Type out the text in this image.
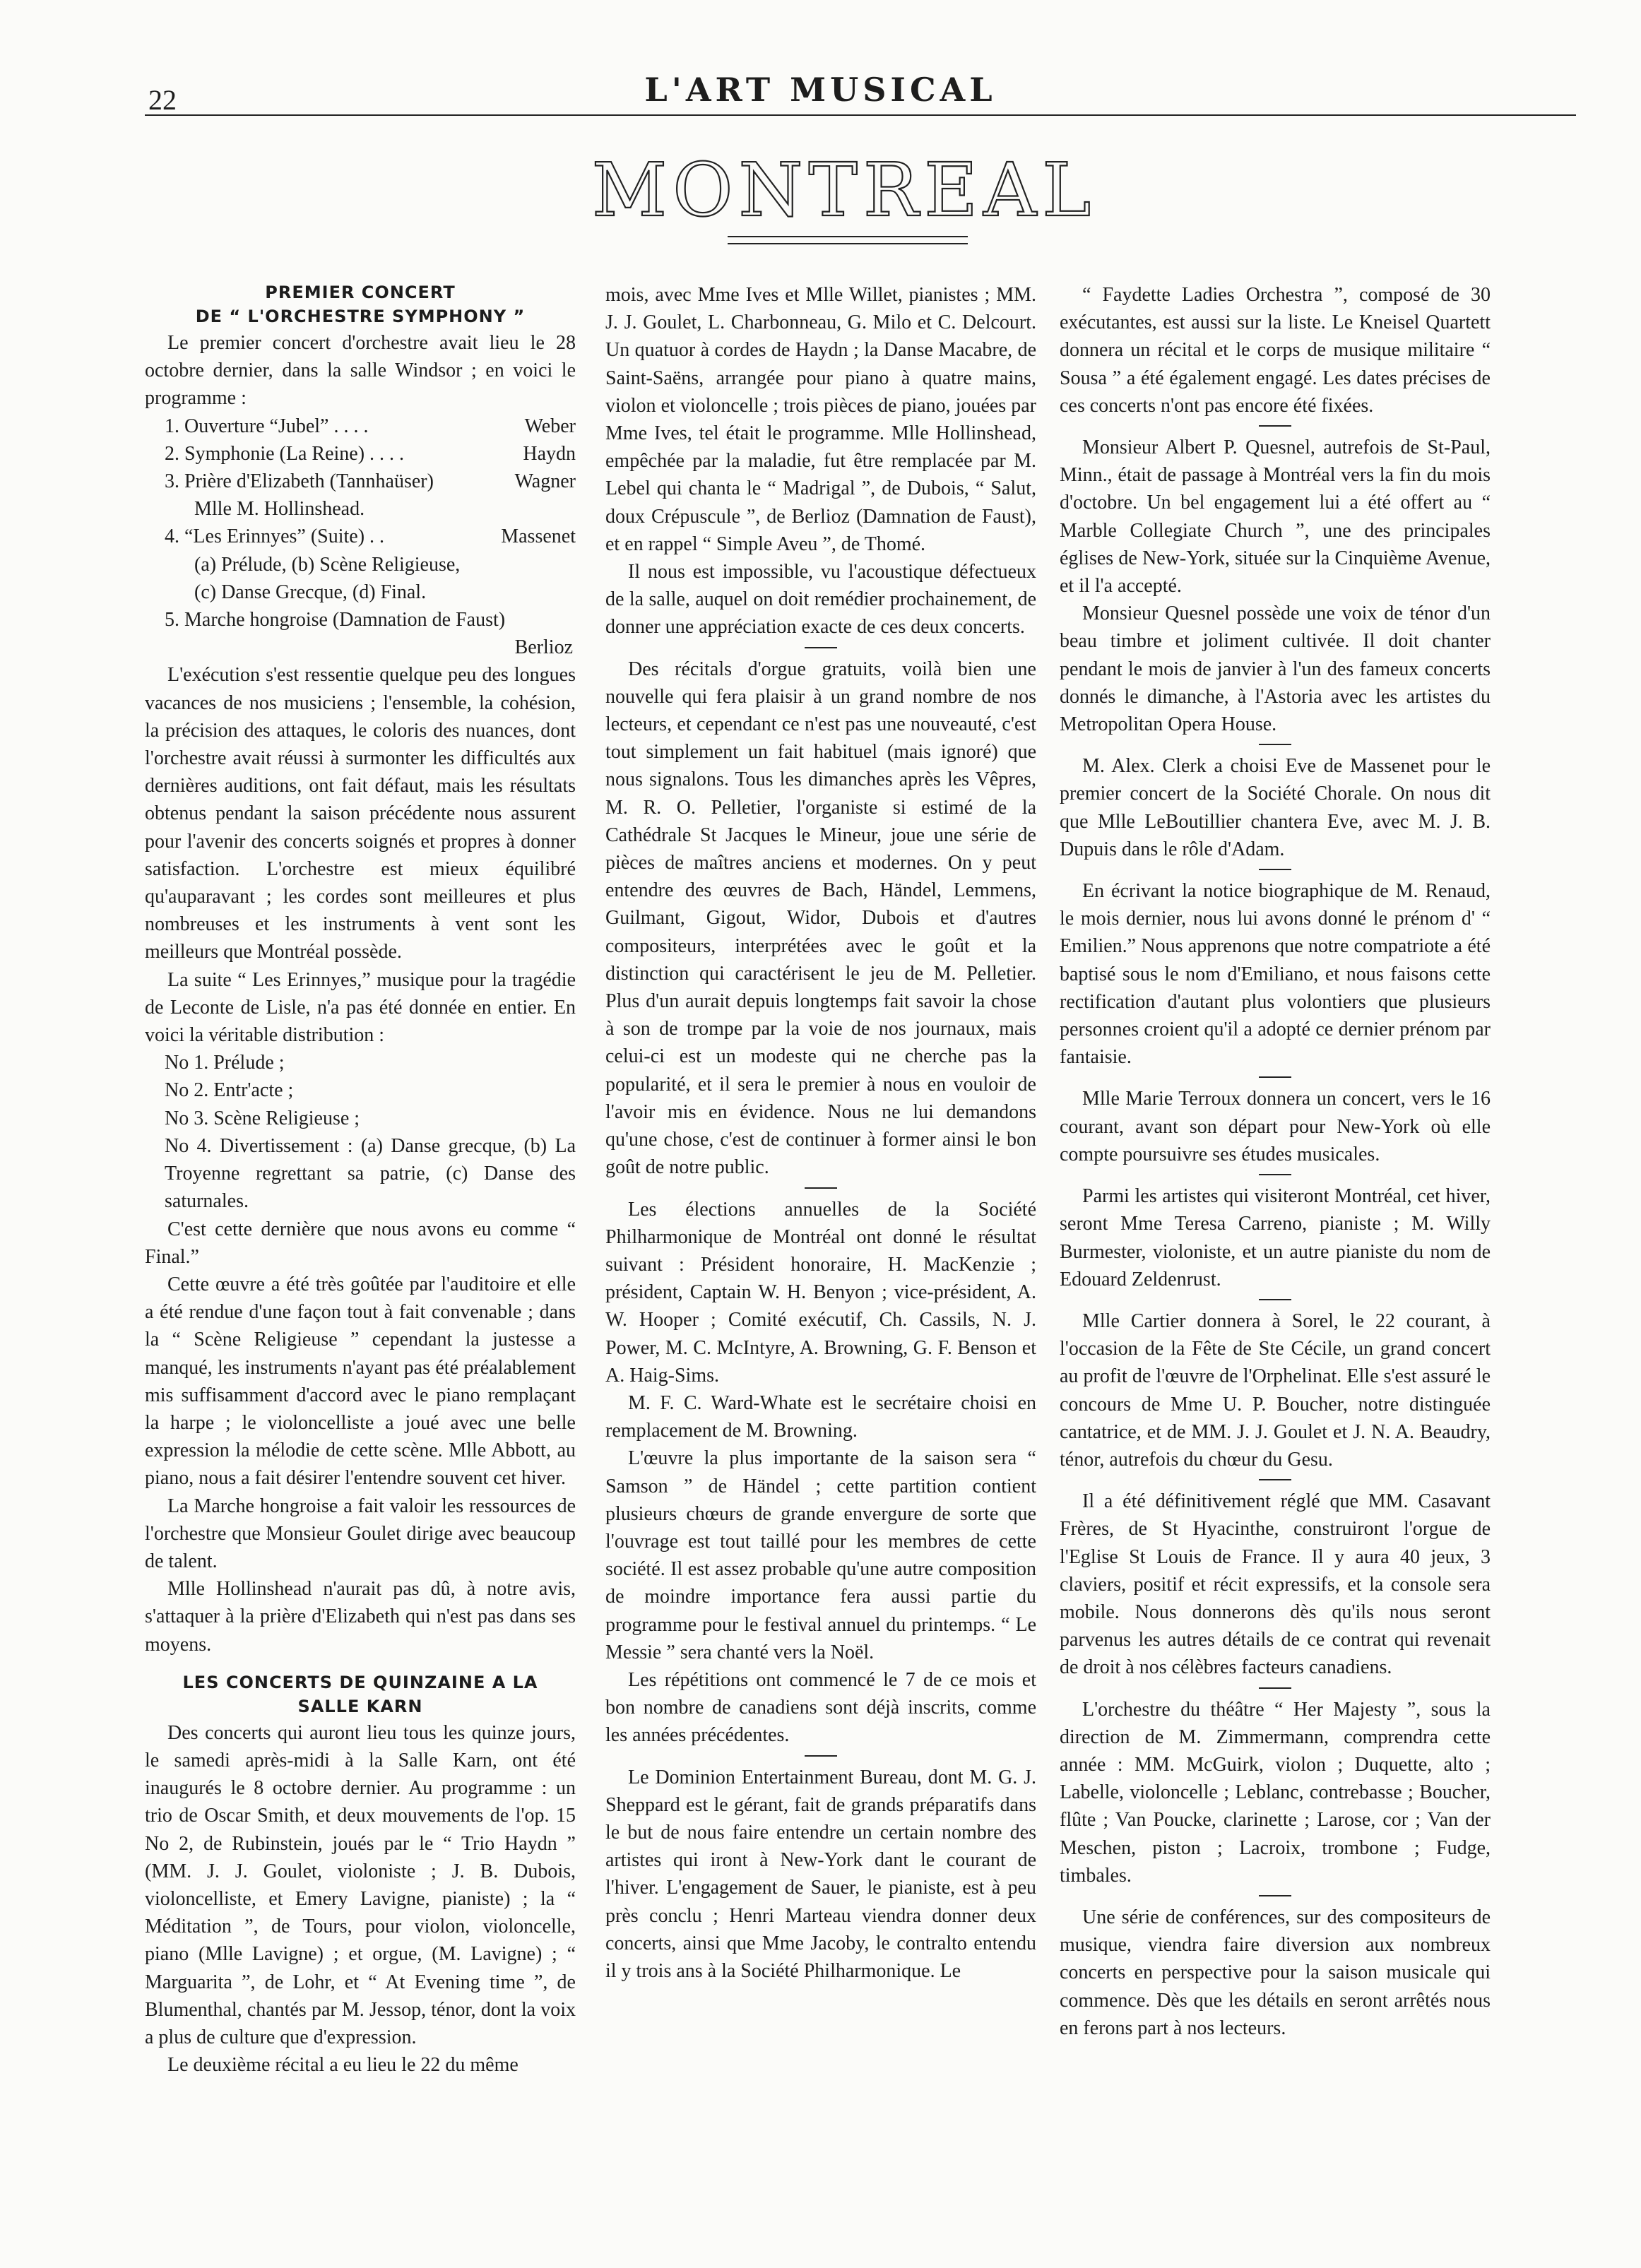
22	L'ART MUSICAL
MONTREAL
PREMIER CONCERT
DE “ L'ORCHESTRE SYMPHONY ”

Le premier concert d'orchestre avait lieu le 28 octobre dernier, dans la salle Windsor ; en voici le programme :

Weber
1. Ouverture “Jubel” . . . .
Haydn
2. Symphonie (La Reine) . . . .
Wagner
3. Prière d'Elizabeth (Tannhaüser)
Mlle M. Hollinshead.
Massenet
4. “Les Erinnyes” (Suite) . .
(a) Prélude, (b) Scène Religieuse,
(c) Danse Grecque, (d) Final.
5. Marche hongroise (Damnation de Faust)

Berlioz

L'exécution s'est ressentie quelque peu des longues vacances de nos musiciens ; l'ensemble, la cohésion, la précision des attaques, le coloris des nuances, dont l'orchestre avait réussi à surmonter les difficultés aux dernières auditions, ont fait défaut, mais les résultats obtenus pendant la saison précédente nous assurent pour l'avenir des concerts soignés et propres à donner satisfaction. L'orchestre est mieux équilibré qu'auparavant ; les cordes sont meilleures et plus nombreuses et les instruments à vent sont les meilleurs que Montréal possède.

La suite “ Les Erinnyes,” musique pour la tragédie de Leconte de Lisle, n'a pas été donnée en entier. En voici la véritable distribution :

No 1. Prélude ;

No 2. Entr'acte ;

No 3. Scène Religieuse ;

No 4. Divertissement : (a) Danse grecque, (b) La Troyenne regrettant sa patrie, (c) Danse des saturnales.

C'est cette dernière que nous avons eu comme “ Final.”

Cette œuvre a été très goûtée par l'auditoire et elle a été rendue d'une façon tout à fait convenable ; dans la “ Scène Religieuse ” cependant la justesse a manqué, les instruments n'ayant pas été préalablement mis suffisamment d'accord avec le piano remplaçant la harpe ; le violoncelliste a joué avec une belle expression la mélodie de cette scène. Mlle Abbott, au piano, nous a fait désirer l'entendre souvent cet hiver.

La Marche hongroise a fait valoir les ressources de l'orchestre que Monsieur Goulet dirige avec beaucoup de talent.

Mlle Hollinshead n'aurait pas dû, à notre avis, s'attaquer à la prière d'Elizabeth qui n'est pas dans ses moyens.

LES CONCERTS DE QUINZAINE A LA
SALLE KARN

Des concerts qui auront lieu tous les quinze jours, le samedi après-midi à la Salle Karn, ont été inaugurés le 8 octobre dernier. Au programme : un trio de Oscar Smith, et deux mouvements de l'op. 15 No 2, de Rubinstein, joués par le “ Trio Haydn ” (MM. J. J. Goulet, violoniste ; J. B. Dubois, violoncelliste, et Emery Lavigne, pianiste) ; la “ Méditation ”, de Tours, pour violon, violoncelle, piano (Mlle Lavigne) ; et orgue, (M. Lavigne) ; “ Marguarita ”, de Lohr, et “ At Evening time ”, de Blumenthal, chantés par M. Jessop, ténor, dont la voix a plus de culture que d'expression.

Le deuxième récital a eu lieu le 22 du même

mois, avec Mme Ives et Mlle Willet, pianistes ; MM. J. J. Goulet, L. Charbonneau, G. Milo et C. Delcourt. Un quatuor à cordes de Haydn ; la Danse Macabre, de Saint-Saëns, arrangée pour piano à quatre mains, violon et violoncelle ; trois pièces de piano, jouées par Mme Ives, tel était le programme. Mlle Hollinshead, empêchée par la maladie, fut être remplacée par M. Lebel qui chanta le “ Madrigal ”, de Dubois, “ Salut, doux Crépuscule ”, de Berlioz (Damnation de Faust), et en rappel “ Simple Aveu ”, de Thomé.

Il nous est impossible, vu l'acoustique défectueux de la salle, auquel on doit remédier prochainement, de donner une appréciation exacte de ces deux concerts.

Des récitals d'orgue gratuits, voilà bien une nouvelle qui fera plaisir à un grand nombre de nos lecteurs, et cependant ce n'est pas une nouveauté, c'est tout simplement un fait habituel (mais ignoré) que nous signalons. Tous les dimanches après les Vêpres, M. R. O. Pelletier, l'organiste si estimé de la Cathédrale St Jacques le Mineur, joue une série de pièces de maîtres anciens et modernes. On y peut entendre des œuvres de Bach, Händel, Lemmens, Guilmant, Gigout, Widor, Dubois et d'autres compositeurs, interprétées avec le goût et la distinction qui caractérisent le jeu de M. Pelletier. Plus d'un aurait depuis longtemps fait savoir la chose à son de trompe par la voie de nos journaux, mais celui-ci est un modeste qui ne cherche pas la popularité, et il sera le premier à nous en vouloir de l'avoir mis en évidence. Nous ne lui demandons qu'une chose, c'est de continuer à former ainsi le bon goût de notre public.

Les élections annuelles de la Société Philharmonique de Montréal ont donné le résultat suivant : Président honoraire, H. MacKenzie ; président, Captain W. H. Benyon ; vice-président, A. W. Hooper ; Comité exécutif, Ch. Cassils, N. J. Power, M. C. McIntyre, A. Browning, G. F. Benson et A. Haig-Sims.

M. F. C. Ward-Whate est le secrétaire choisi en remplacement de M. Browning.

L'œuvre la plus importante de la saison sera “ Samson ” de Händel ; cette partition contient plusieurs chœurs de grande envergure de sorte que l'ouvrage est tout taillé pour les membres de cette société. Il est assez probable qu'une autre composition de moindre importance fera aussi partie du programme pour le festival annuel du printemps. “ Le Messie ” sera chanté vers la Noël.

Les répétitions ont commencé le 7 de ce mois et bon nombre de canadiens sont déjà inscrits, comme les années précédentes.

Le Dominion Entertainment Bureau, dont M. G. J. Sheppard est le gérant, fait de grands préparatifs dans le but de nous faire entendre un certain nombre des artistes qui iront à New-York dant le courant de l'hiver. L'engagement de Sauer, le pianiste, est à peu près conclu ; Henri Marteau viendra donner deux concerts, ainsi que Mme Jacoby, le contralto entendu il y trois ans à la Société Philharmonique. Le

“ Faydette Ladies Orchestra ”, composé de 30 exécutantes, est aussi sur la liste. Le Kneisel Quartett donnera un récital et le corps de musique militaire “ Sousa ” a été également engagé. Les dates précises de ces concerts n'ont pas encore été fixées.

Monsieur Albert P. Quesnel, autrefois de St-Paul, Minn., était de passage à Montréal vers la fin du mois d'octobre. Un bel engagement lui a été offert au “ Marble Collegiate Church ”, une des principales églises de New-York, située sur la Cinquième Avenue, et il l'a accepté.

Monsieur Quesnel possède une voix de ténor d'un beau timbre et joliment cultivée. Il doit chanter pendant le mois de janvier à l'un des fameux concerts donnés le dimanche, à l'Astoria avec les artistes du Metropolitan Opera House.

M. Alex. Clerk a choisi Eve de Massenet pour le premier concert de la Société Chorale. On nous dit que Mlle LeBoutillier chantera Eve, avec M. J. B. Dupuis dans le rôle d'Adam.

En écrivant la notice biographique de M. Renaud, le mois dernier, nous lui avons donné le prénom d' “ Emilien.” Nous apprenons que notre compatriote a été baptisé sous le nom d'Emiliano, et nous faisons cette rectification d'autant plus volontiers que plusieurs personnes croient qu'il a adopté ce dernier prénom par fantaisie.

Mlle Marie Terroux donnera un concert, vers le 16 courant, avant son départ pour New-York où elle compte poursuivre ses études musicales.

Parmi les artistes qui visiteront Montréal, cet hiver, seront Mme Teresa Carreno, pianiste ; M. Willy Burmester, violoniste, et un autre pianiste du nom de Edouard Zeldenrust.

Mlle Cartier donnera à Sorel, le 22 courant, à l'occasion de la Fête de Ste Cécile, un grand concert au profit de l'œuvre de l'Orphelinat. Elle s'est assuré le concours de Mme U. P. Boucher, notre distinguée cantatrice, et de MM. J. J. Goulet et J. N. A. Beaudry, ténor, autrefois du chœur du Gesu.

Il a été définitivement réglé que MM. Casavant Frères, de St Hyacinthe, construiront l'orgue de l'Eglise St Louis de France. Il y aura 40 jeux, 3 claviers, positif et récit expressifs, et la console sera mobile. Nous donnerons dès qu'ils nous seront parvenus les autres détails de ce contrat qui revenait de droit à nos célèbres facteurs canadiens.

L'orchestre du théâtre “ Her Majesty ”, sous la direction de M. Zimmermann, comprendra cette année : MM. McGuirk, violon ; Duquette, alto ; Labelle, violoncelle ; Leblanc, contrebasse ; Boucher, flûte ; Van Poucke, clarinette ; Larose, cor ; Van der Meschen, piston ; Lacroix, trombone ; Fudge, timbales.

Une série de conférences, sur des compositeurs de musique, viendra faire diversion aux nombreux concerts en perspective pour la saison musicale qui commence. Dès que les détails en seront arrêtés nous en ferons part à nos lecteurs.
